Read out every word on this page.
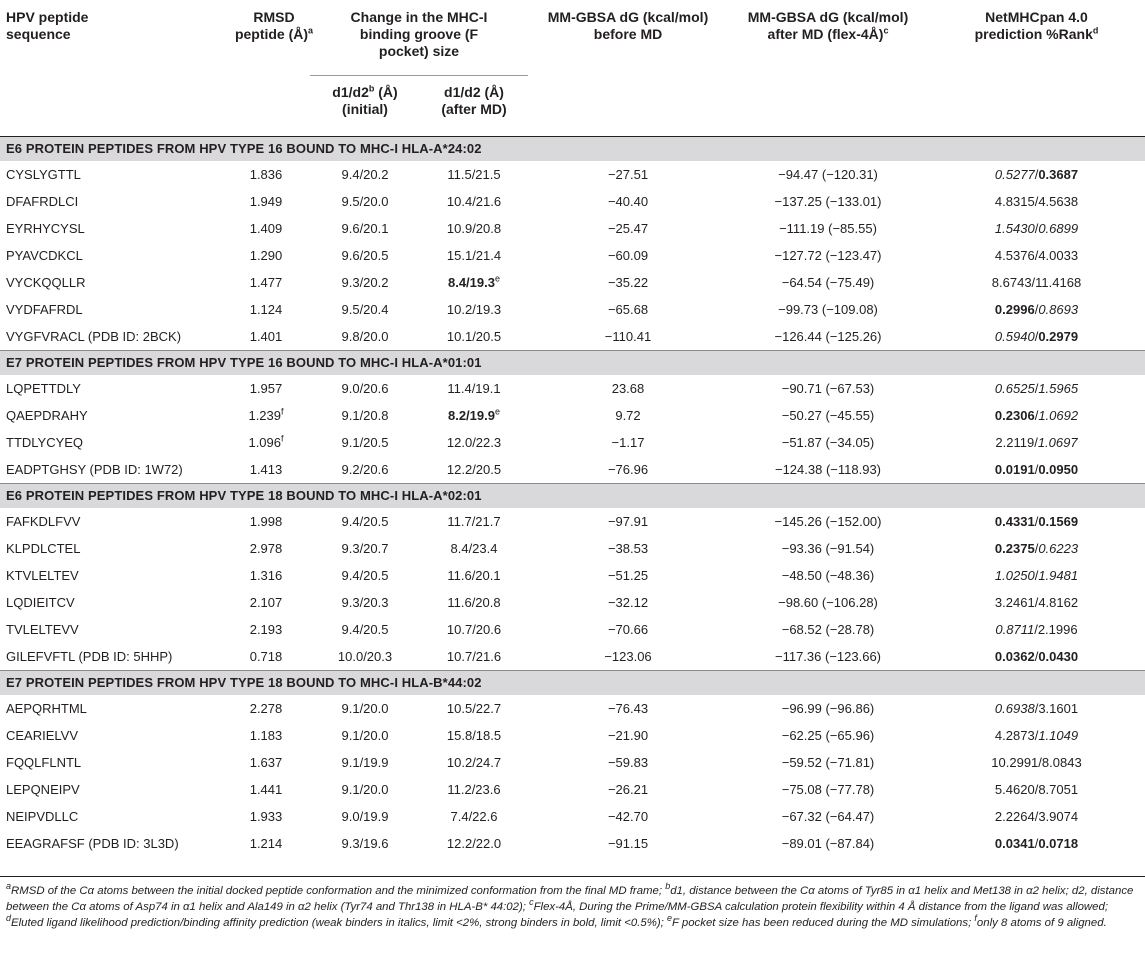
HPV peptide sequence	RMSD peptide (Å)$^a$	Change in the MHC-I binding groove (F pocket) size		MM-GBSA dG (kcal/mol) before MD	MM-GBSA dG (kcal/mol) after MD (flex-4Å)$^c$	NetMHCpan 4.0 prediction %Rank$^d$

		d1/d2$^b$ (Å) (initial)	d1/d2 (Å) (after MD)			

E6 PROTEIN PEPTIDES FROM HPV TYPE 16 BOUND TO MHC-I HLA-A*24:02						
CYSLYGTTL	1.836	9.4/20.2	11.5/21.5	−27.51	−94.47 (−120.31)	0.5277/0.3687
DFAFRDLCI	1.949	9.5/20.0	10.4/21.6	−40.40	−137.25 (−133.01)	4.8315/4.5638
EYRHYCYSL	1.409	9.6/20.1	10.9/20.8	−25.47	−111.19 (−85.55)	1.5430/0.6899
PYAVCDKCL	1.290	9.6/20.5	15.1/21.4	−60.09	−127.72 (−123.47)	4.5376/4.0033
VYCKQQLLR	1.477	9.3/20.2	8.4/19.3$^e$	−35.22	−64.54 (−75.49)	8.6743/11.4168
VYDFAFRDL	1.124	9.5/20.4	10.2/19.3	−65.68	−99.73 (−109.08)	0.2996/0.8693
VYGFVRACL (PDB ID: 2BCK)	1.401	9.8/20.0	10.1/20.5	−110.41	−126.44 (−125.26)	0.5940/0.2979
E7 PROTEIN PEPTIDES FROM HPV TYPE 16 BOUND TO MHC-I HLA-A*01:01						
LQPETTDLY	1.957	9.0/20.6	11.4/19.1	23.68	−90.71 (−67.53)	0.6525/1.5965
QAEPDRAHY	1.239$^f$	9.1/20.8	8.2/19.9e	9.72	−50.27 (−45.55)	0.2306/1.0692
TTDLYCYEQ	1.096$^f$	9.1/20.5	12.0/22.3	−1.17	−51.87 (−34.05)	2.2119/1.0697
EADPTGHSY (PDB ID: 1W72)	1.413	9.2/20.6	12.2/20.5	−76.96	−124.38 (−118.93)	0.0191/0.0950
E6 PROTEIN PEPTIDES FROM HPV TYPE 18 BOUND TO MHC-I HLA-A*02:01						
FAFKDLFVV	1.998	9.4/20.5	11.7/21.7	−97.91	−145.26 (−152.00)	0.4331/0.1569
KLPDLCTEL	2.978	9.3/20.7	8.4/23.4	−38.53	−93.36 (−91.54)	0.2375/0.6223
KTVLELTEV	1.316	9.4/20.5	11.6/20.1	−51.25	−48.50 (−48.36)	1.0250/1.9481
LQDIEITCV	2.107	9.3/20.3	11.6/20.8	−32.12	−98.60 (−106.28)	3.2461/4.8162
TVLELTEVV	2.193	9.4/20.5	10.7/20.6	−70.66	−68.52 (−28.78)	0.8711/2.1996
GILEFVFTL (PDB ID: 5HHP)	0.718	10.0/20.3	10.7/21.6	−123.06	−117.36 (−123.66)	0.0362/0.0430
E7 PROTEIN PEPTIDES FROM HPV TYPE 18 BOUND TO MHC-I HLA-B*44:02						
AEPQRHTML	2.278	9.1/20.0	10.5/22.7	−76.43	−96.99 (−96.86)	0.6938/3.1601
CEARIELVV	1.183	9.1/20.0	15.8/18.5	−21.90	−62.25 (−65.96)	4.2873/1.1049
FQQLFLNTL	1.637	9.1/19.9	10.2/24.7	−59.83	−59.52 (−71.81)	10.2991/8.0843
LEPQNEIPV	1.441	9.1/20.0	11.2/23.6	−26.21	−75.08 (−77.78)	5.4620/8.7051
NEIPVDLLC	1.933	9.0/19.9	7.4/22.6	−42.70	−67.32 (−64.47)	2.2264/3.9074
EEAGRAFSF (PDB ID: 3L3D)	1.214	9.3/19.6	12.2/22.0	−91.15	−89.01 (−87.84)	0.0341/0.0718
$^a$RMSD of the Cα atoms between the initial docked peptide conformation and the minimized conformation from the final MD frame; $^b$d1, distance between the Cα atoms of Tyr85 in α1 helix and Met138 in α2 helix; d2, distance between the Cα atoms of Asp74 in α1 helix and Ala149 in α2 helix (Tyr74 and Thr138 in HLA-B* 44:02); $^c$Flex-4Å, During the Prime/MM-GBSA calculation protein flexibility within 4 Å distance from the ligand was allowed; $^d$Eluted ligand likelihood prediction/binding affinity prediction (weak binders in italics, limit <2%, strong binders in bold, limit <0.5%); $^e$F pocket size has been reduced during the MD simulations; $^f$only 8 atoms of 9 aligned.
